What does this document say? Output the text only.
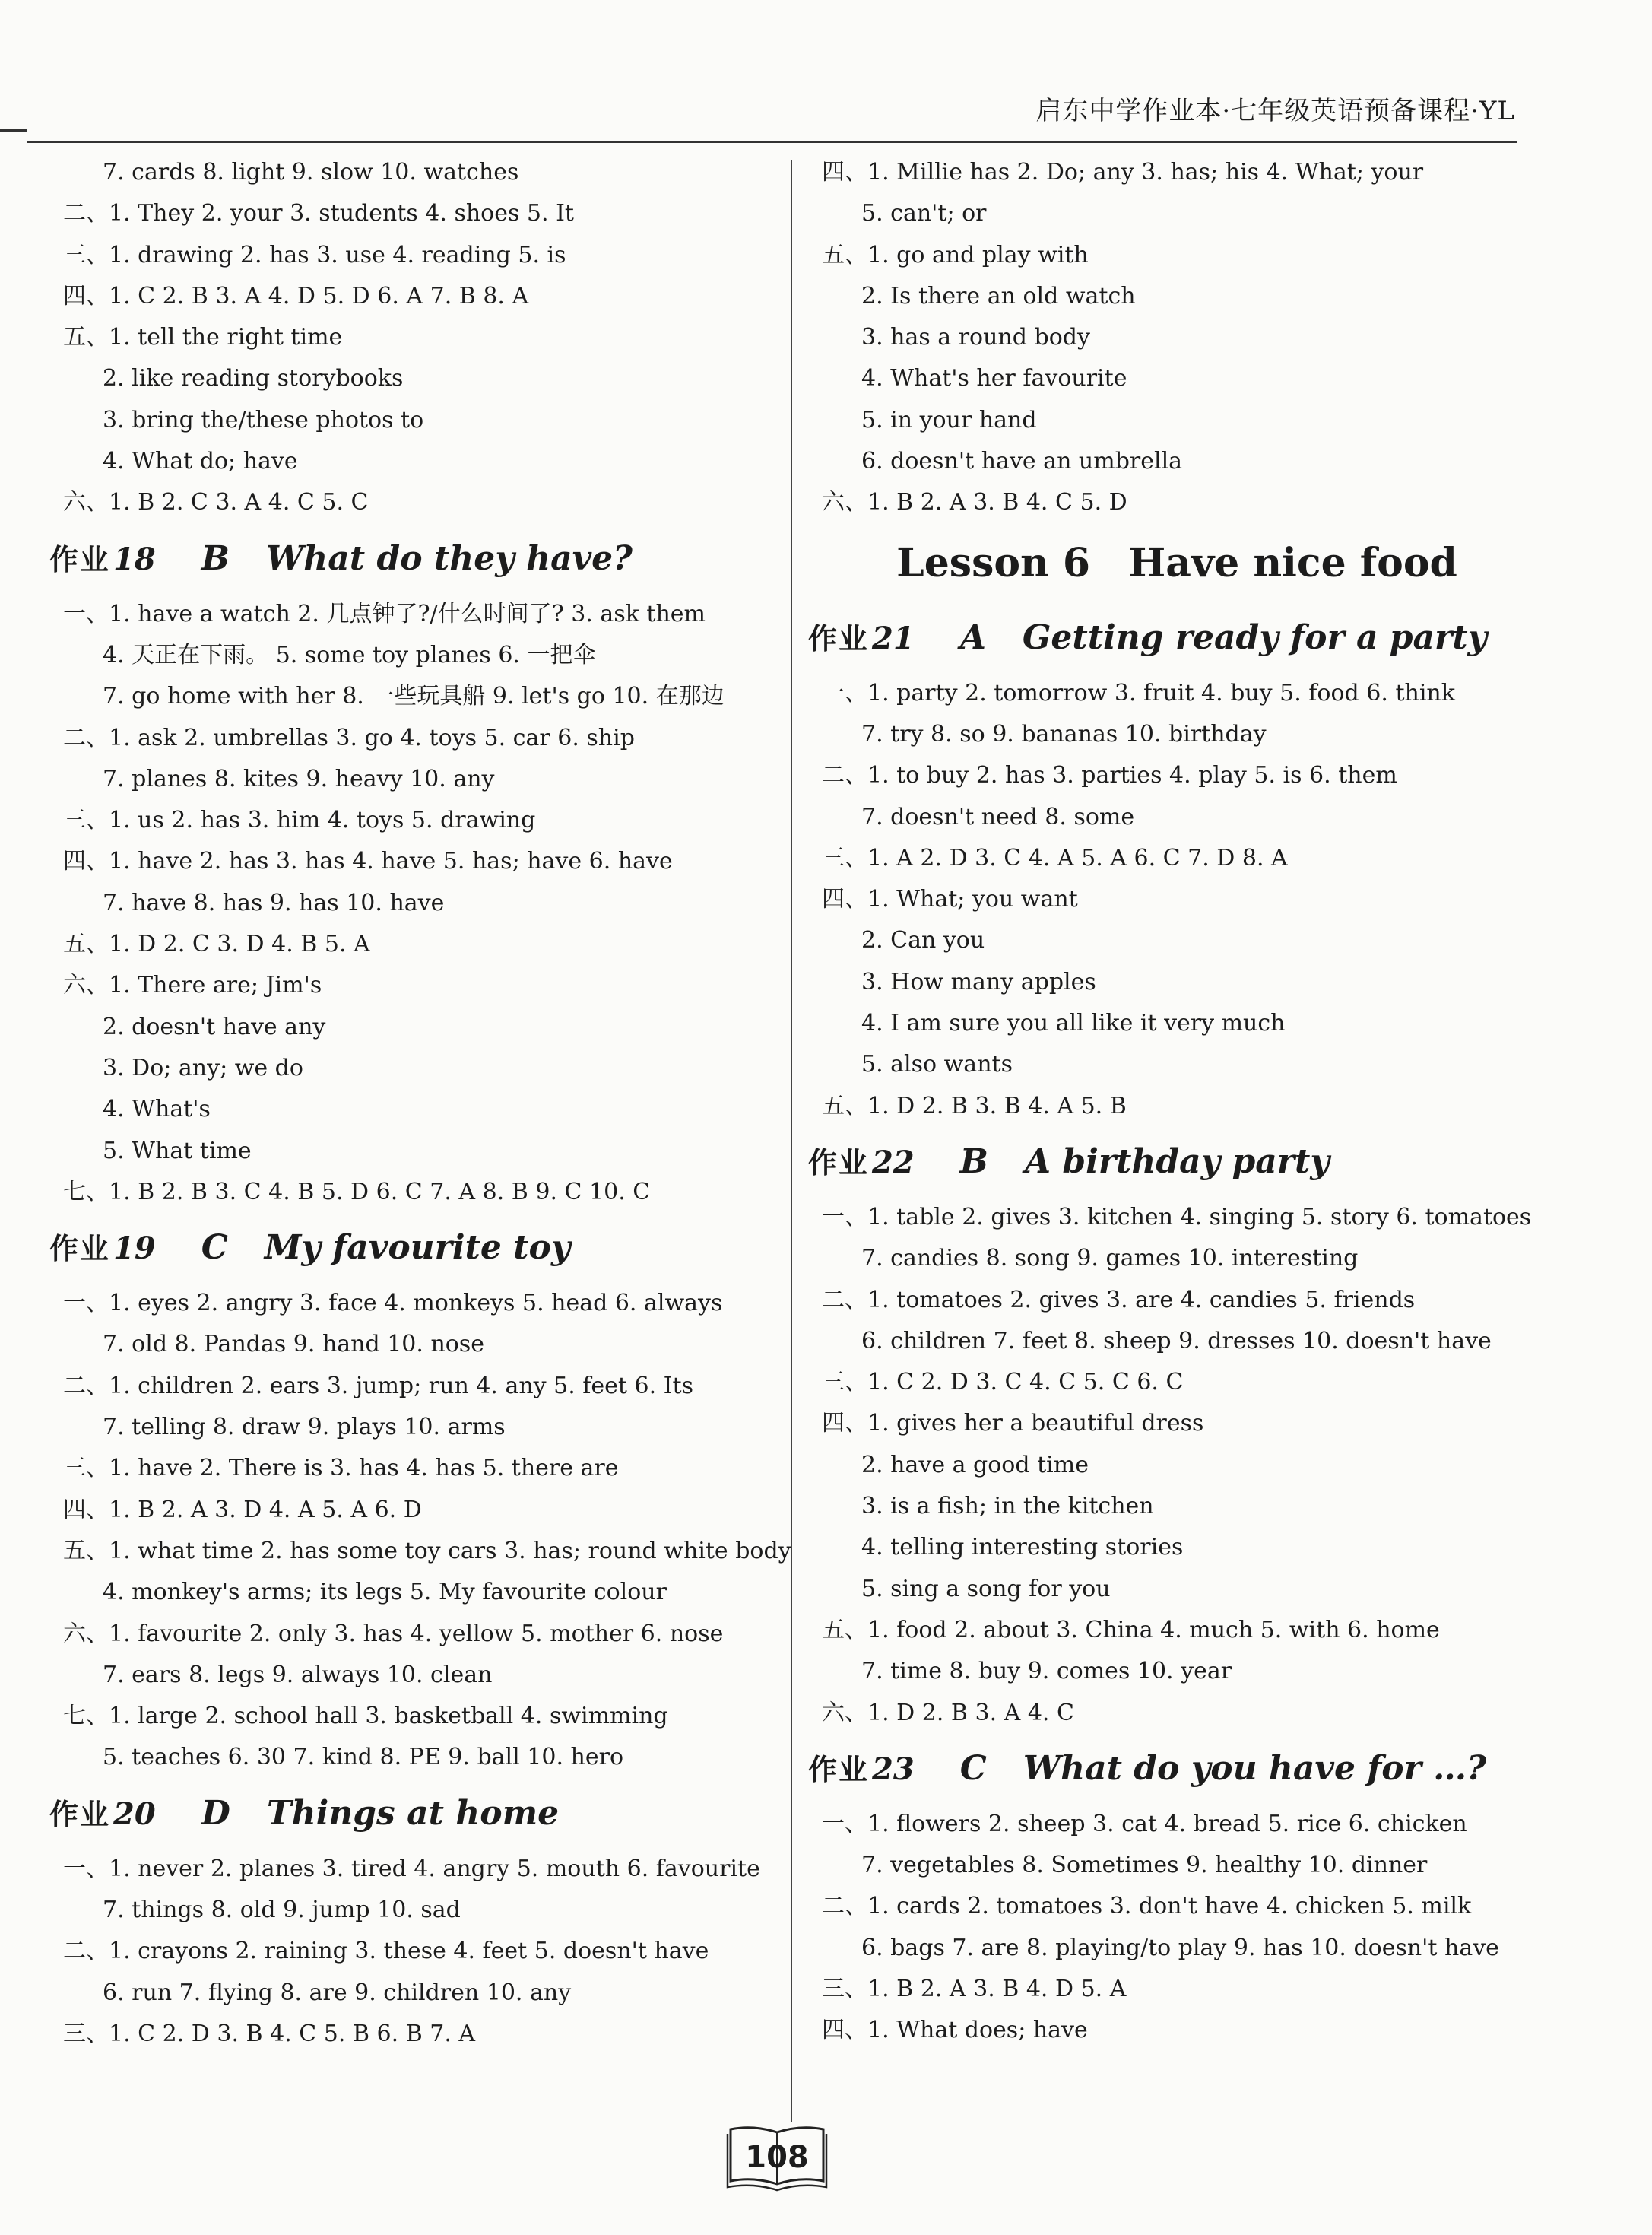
启东中学作业本·七年级英语预备课程·YL
7. cards 8. light 9. slow 10. watches
二、1. They 2. your 3. students 4. shoes 5. It
三、1. drawing 2. has 3. use 4. reading 5. is
四、1. C 2. B 3. A 4. D 5. D 6. A 7. B 8. A
五、1. tell the right time
2. like reading storybooks
3. bring the/these photos to
4. What do; have
六、1. B 2. C 3. A 4. C 5. C
作业 18 B What do they have?
一、1. have a watch 2. 几点钟了?/什么时间了? 3. ask them
4. 天正在下雨。 5. some toy planes 6. 一把伞
7. go home with her 8. 一些玩具船 9. let's go 10. 在那边
二、1. ask 2. umbrellas 3. go 4. toys 5. car 6. ship
7. planes 8. kites 9. heavy 10. any
三、1. us 2. has 3. him 4. toys 5. drawing
四、1. have 2. has 3. has 4. have 5. has; have 6. have
7. have 8. has 9. has 10. have
五、1. D 2. C 3. D 4. B 5. A
六、1. There are; Jim's
2. doesn't have any
3. Do; any; we do
4. What's
5. What time
七、1. B 2. B 3. C 4. B 5. D 6. C 7. A 8. B 9. C 10. C
作业 19 C My favourite toy
一、1. eyes 2. angry 3. face 4. monkeys 5. head 6. always
7. old 8. Pandas 9. hand 10. nose
二、1. children 2. ears 3. jump; run 4. any 5. feet 6. Its
7. telling 8. draw 9. plays 10. arms
三、1. have 2. There is 3. has 4. has 5. there are
四、1. B 2. A 3. D 4. A 5. A 6. D
五、1. what time 2. has some toy cars 3. has; round white body
4. monkey's arms; its legs 5. My favourite colour
六、1. favourite 2. only 3. has 4. yellow 5. mother 6. nose
7. ears 8. legs 9. always 10. clean
七、1. large 2. school hall 3. basketball 4. swimming
5. teaches 6. 30 7. kind 8. PE 9. ball 10. hero
作业 20 D Things at home
一、1. never 2. planes 3. tired 4. angry 5. mouth 6. favourite
7. things 8. old 9. jump 10. sad
二、1. crayons 2. raining 3. these 4. feet 5. doesn't have
6. run 7. flying 8. are 9. children 10. any
三、1. C 2. D 3. B 4. C 5. B 6. B 7. A
四、1. Millie has 2. Do; any 3. has; his 4. What; your
5. can't; or
五、1. go and play with
2. Is there an old watch
3. has a round body
4. What's her favourite
5. in your hand
6. doesn't have an umbrella
六、1. B 2. A 3. B 4. C 5. D
Lesson 6 Have nice food
作业 21 A Getting ready for a party
一、1. party 2. tomorrow 3. fruit 4. buy 5. food 6. think
7. try 8. so 9. bananas 10. birthday
二、1. to buy 2. has 3. parties 4. play 5. is 6. them
7. doesn't need 8. some
三、1. A 2. D 3. C 4. A 5. A 6. C 7. D 8. A
四、1. What; you want
2. Can you
3. How many apples
4. I am sure you all like it very much
5. also wants
五、1. D 2. B 3. B 4. A 5. B
作业 22 B A birthday party
一、1. table 2. gives 3. kitchen 4. singing 5. story 6. tomatoes
7. candies 8. song 9. games 10. interesting
二、1. tomatoes 2. gives 3. are 4. candies 5. friends
6. children 7. feet 8. sheep 9. dresses 10. doesn't have
三、1. C 2. D 3. C 4. C 5. C 6. C
四、1. gives her a beautiful dress
2. have a good time
3. is a fish; in the kitchen
4. telling interesting stories
5. sing a song for you
五、1. food 2. about 3. China 4. much 5. with 6. home
7. time 8. buy 9. comes 10. year
六、1. D 2. B 3. A 4. C
作业 23 C What do you have for …?
一、1. flowers 2. sheep 3. cat 4. bread 5. rice 6. chicken
7. vegetables 8. Sometimes 9. healthy 10. dinner
二、1. cards 2. tomatoes 3. don't have 4. chicken 5. milk
6. bags 7. are 8. playing/to play 9. has 10. doesn't have
三、1. B 2. A 3. B 4. D 5. A
四、1. What does; have
108
